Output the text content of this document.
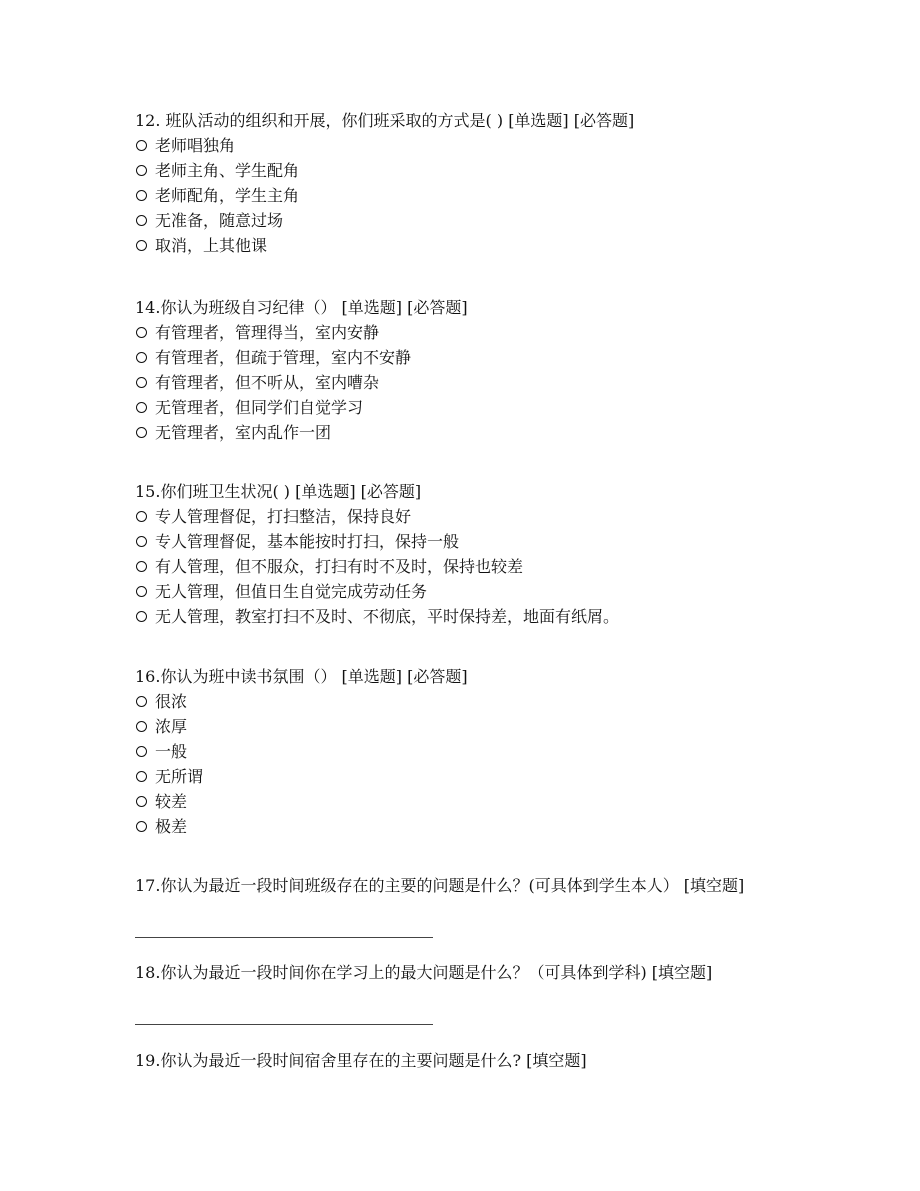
12. 班队活动的组织和开展，你们班采取的方式是( ) [单选题] [必答题]
老师唱独角
老师主角、学生配角
老师配角，学生主角
无准备，随意过场
取消，上其他课
14.你认为班级自习纪律（） [单选题] [必答题]
有管理者，管理得当，室内安静
有管理者，但疏于管理，室内不安静
有管理者，但不听从，室内嘈杂
无管理者，但同学们自觉学习
无管理者，室内乱作一团
15.你们班卫生状况( ) [单选题] [必答题]
专人管理督促，打扫整洁，保持良好
专人管理督促，基本能按时打扫，保持一般
有人管理，但不服众，打扫有时不及时，保持也较差
无人管理，但值日生自觉完成劳动任务
无人管理，教室打扫不及时、不彻底，平时保持差，地面有纸屑。
16.你认为班中读书氛围（） [单选题] [必答题]
很浓
浓厚
一般
无所谓
较差
极差
17.你认为最近一段时间班级存在的主要的问题是什么？(可具体到学生本人） [填空题]
18.你认为最近一段时间你在学习上的最大问题是什么？（可具体到学科) [填空题]
19.你认为最近一段时间宿舍里存在的主要问题是什么? [填空题]
